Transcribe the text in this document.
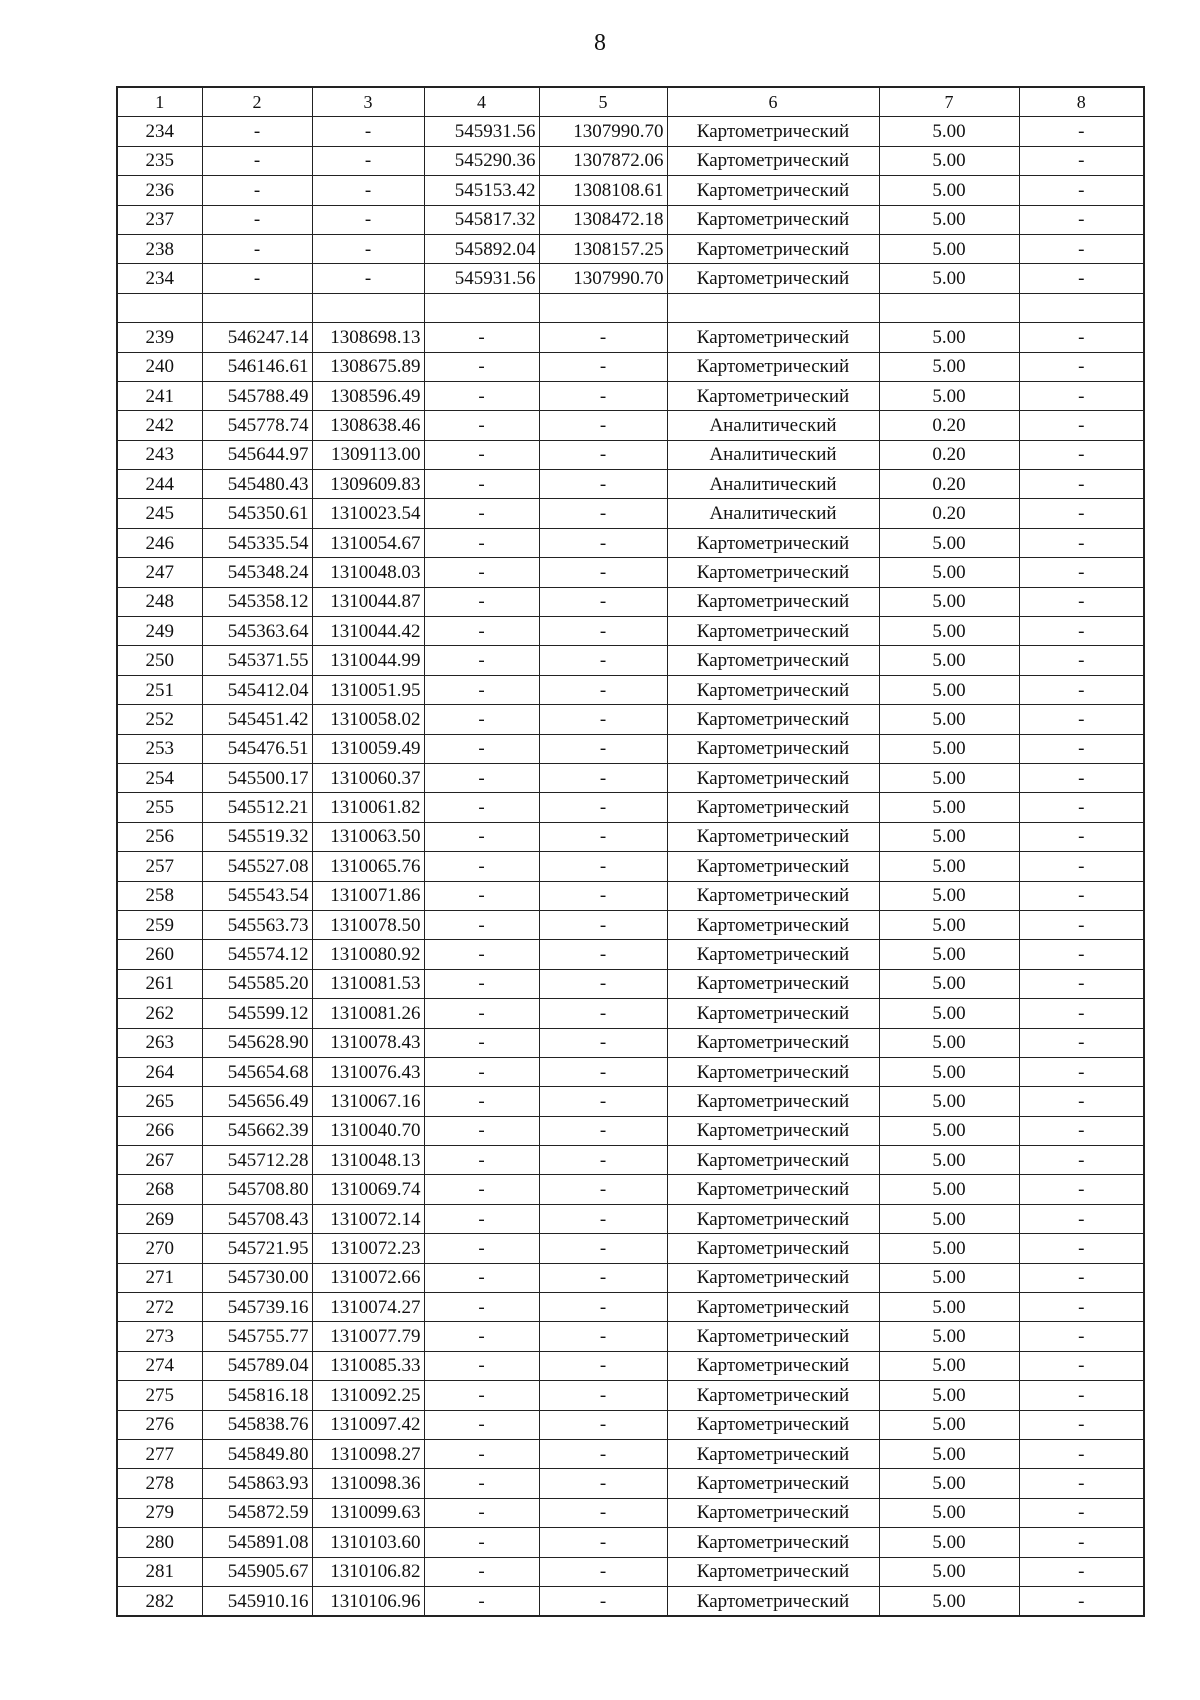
8
1	2	3	4	5	6	7	8
234	-	-	545931.56	1307990.70	Картометрический	5.00	-
235	-	-	545290.36	1307872.06	Картометрический	5.00	-
236	-	-	545153.42	1308108.61	Картометрический	5.00	-
237	-	-	545817.32	1308472.18	Картометрический	5.00	-
238	-	-	545892.04	1308157.25	Картометрический	5.00	-
234	-	-	545931.56	1307990.70	Картометрический	5.00	-

239	546247.14	1308698.13	-	-	Картометрический	5.00	-
240	546146.61	1308675.89	-	-	Картометрический	5.00	-
241	545788.49	1308596.49	-	-	Картометрический	5.00	-
242	545778.74	1308638.46	-	-	Аналитический	0.20	-
243	545644.97	1309113.00	-	-	Аналитический	0.20	-
244	545480.43	1309609.83	-	-	Аналитический	0.20	-
245	545350.61	1310023.54	-	-	Аналитический	0.20	-
246	545335.54	1310054.67	-	-	Картометрический	5.00	-
247	545348.24	1310048.03	-	-	Картометрический	5.00	-
248	545358.12	1310044.87	-	-	Картометрический	5.00	-
249	545363.64	1310044.42	-	-	Картометрический	5.00	-
250	545371.55	1310044.99	-	-	Картометрический	5.00	-
251	545412.04	1310051.95	-	-	Картометрический	5.00	-
252	545451.42	1310058.02	-	-	Картометрический	5.00	-
253	545476.51	1310059.49	-	-	Картометрический	5.00	-
254	545500.17	1310060.37	-	-	Картометрический	5.00	-
255	545512.21	1310061.82	-	-	Картометрический	5.00	-
256	545519.32	1310063.50	-	-	Картометрический	5.00	-
257	545527.08	1310065.76	-	-	Картометрический	5.00	-
258	545543.54	1310071.86	-	-	Картометрический	5.00	-
259	545563.73	1310078.50	-	-	Картометрический	5.00	-
260	545574.12	1310080.92	-	-	Картометрический	5.00	-
261	545585.20	1310081.53	-	-	Картометрический	5.00	-
262	545599.12	1310081.26	-	-	Картометрический	5.00	-
263	545628.90	1310078.43	-	-	Картометрический	5.00	-
264	545654.68	1310076.43	-	-	Картометрический	5.00	-
265	545656.49	1310067.16	-	-	Картометрический	5.00	-
266	545662.39	1310040.70	-	-	Картометрический	5.00	-
267	545712.28	1310048.13	-	-	Картометрический	5.00	-
268	545708.80	1310069.74	-	-	Картометрический	5.00	-
269	545708.43	1310072.14	-	-	Картометрический	5.00	-
270	545721.95	1310072.23	-	-	Картометрический	5.00	-
271	545730.00	1310072.66	-	-	Картометрический	5.00	-
272	545739.16	1310074.27	-	-	Картометрический	5.00	-
273	545755.77	1310077.79	-	-	Картометрический	5.00	-
274	545789.04	1310085.33	-	-	Картометрический	5.00	-
275	545816.18	1310092.25	-	-	Картометрический	5.00	-
276	545838.76	1310097.42	-	-	Картометрический	5.00	-
277	545849.80	1310098.27	-	-	Картометрический	5.00	-
278	545863.93	1310098.36	-	-	Картометрический	5.00	-
279	545872.59	1310099.63	-	-	Картометрический	5.00	-
280	545891.08	1310103.60	-	-	Картометрический	5.00	-
281	545905.67	1310106.82	-	-	Картометрический	5.00	-
282	545910.16	1310106.96	-	-	Картометрический	5.00	-
